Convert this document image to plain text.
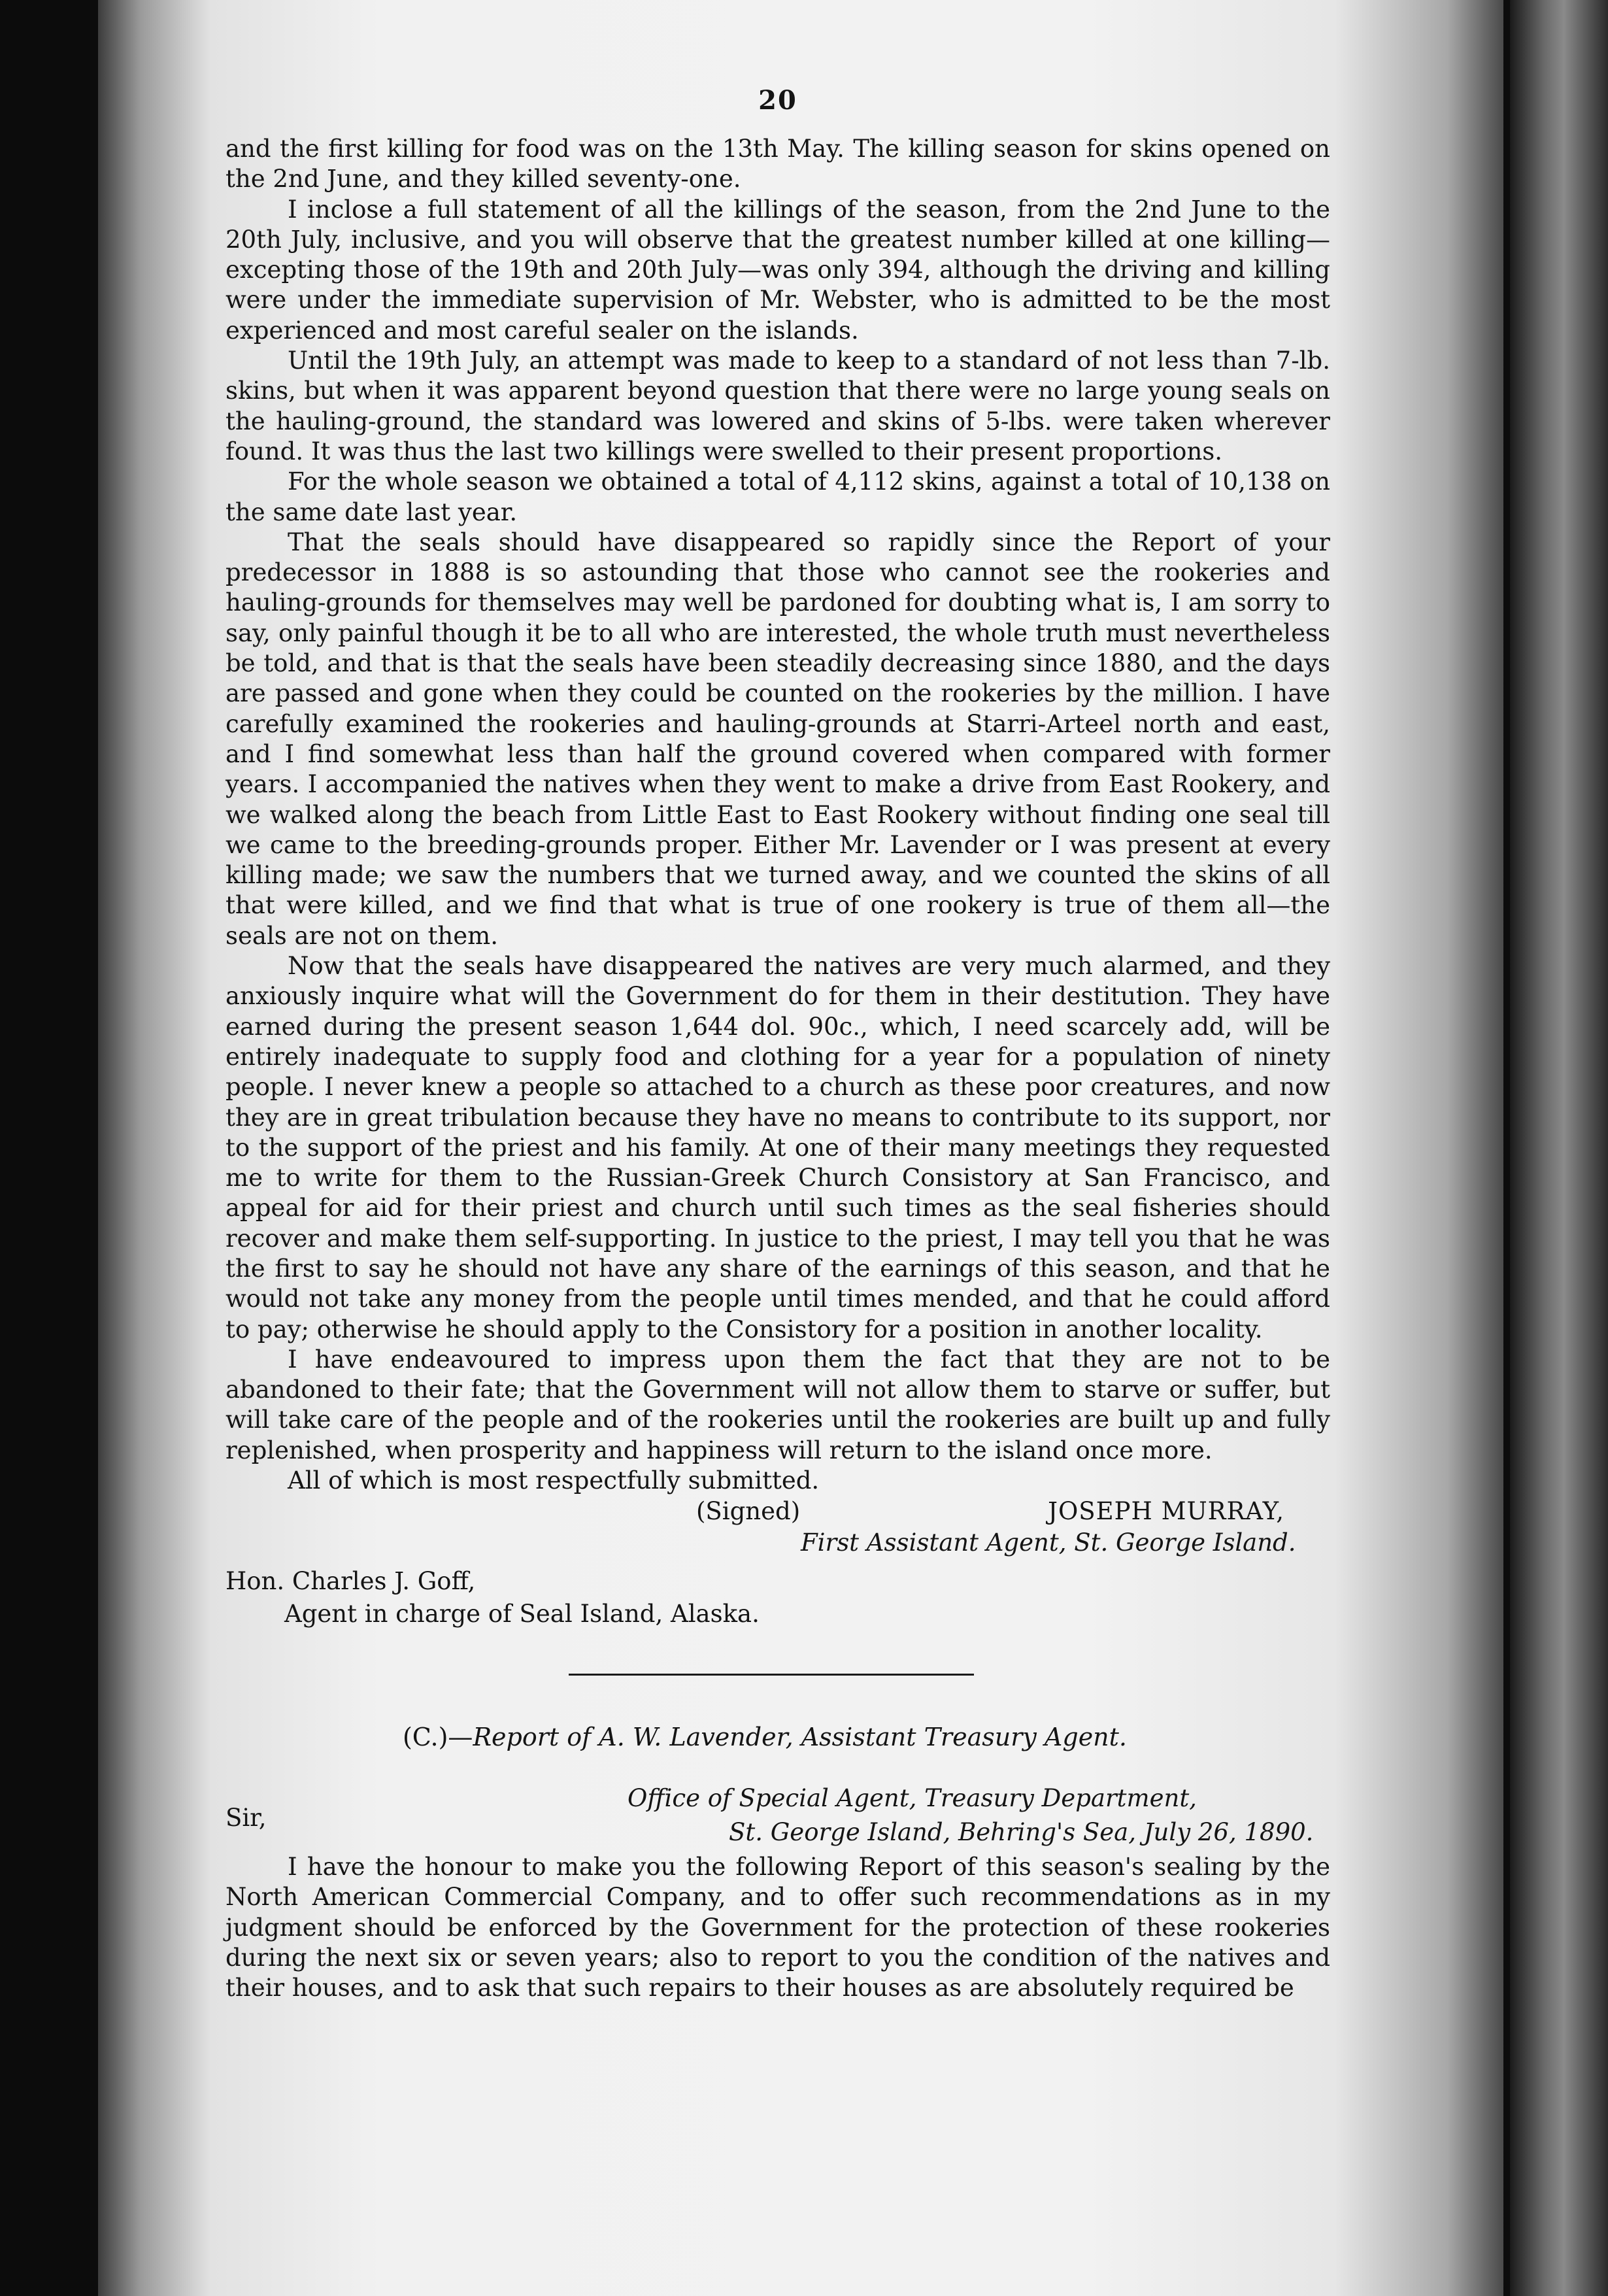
20

and the first killing for food was on the 13th May. The killing season for skins opened on the 2nd June, and they killed seventy-one.

I inclose a full statement of all the killings of the season, from the 2nd June to the 20th July, inclusive, and you will observe that the greatest number killed at one killing—excepting those of the 19th and 20th July—was only 394, although the driving and killing were under the immediate supervision of Mr. Webster, who is admitted to be the most experienced and most careful sealer on the islands.

Until the 19th July, an attempt was made to keep to a standard of not less than 7-lb. skins, but when it was apparent beyond question that there were no large young seals on the hauling-ground, the standard was lowered and skins of 5-lbs. were taken wherever found. It was thus the last two killings were swelled to their present proportions.

For the whole season we obtained a total of 4,112 skins, against a total of 10,138 on the same date last year.

That the seals should have disappeared so rapidly since the Report of your predecessor in 1888 is so astounding that those who cannot see the rookeries and hauling-grounds for themselves may well be pardoned for doubting what is, I am sorry to say, only painful though it be to all who are interested, the whole truth must nevertheless be told, and that is that the seals have been steadily decreasing since 1880, and the days are passed and gone when they could be counted on the rookeries by the million. I have carefully examined the rookeries and hauling-grounds at Starri-Arteel north and east, and I find somewhat less than half the ground covered when compared with former years. I accompanied the natives when they went to make a drive from East Rookery, and we walked along the beach from Little East to East Rookery without finding one seal till we came to the breeding-grounds proper. Either Mr. Lavender or I was present at every killing made; we saw the numbers that we turned away, and we counted the skins of all that were killed, and we find that what is true of one rookery is true of them all—the seals are not on them.

Now that the seals have disappeared the natives are very much alarmed, and they anxiously inquire what will the Government do for them in their destitution. They have earned during the present season 1,644 dol. 90c., which, I need scarcely add, will be entirely inadequate to supply food and clothing for a year for a population of ninety people. I never knew a people so attached to a church as these poor creatures, and now they are in great tribulation because they have no means to contribute to its support, nor to the support of the priest and his family. At one of their many meetings they requested me to write for them to the Russian-Greek Church Consistory at San Francisco, and appeal for aid for their priest and church until such times as the seal fisheries should recover and make them self-supporting. In justice to the priest, I may tell you that he was the first to say he should not have any share of the earnings of this season, and that he would not take any money from the people until times mended, and that he could afford to pay; otherwise he should apply to the Consistory for a position in another locality.

I have endeavoured to impress upon them the fact that they are not to be abandoned to their fate; that the Government will not allow them to starve or suffer, but will take care of the people and of the rookeries until the rookeries are built up and fully replenished, when prosperity and happiness will return to the island once more.

All of which is most respectfully submitted.

(Signed)	JOSEPH MURRAY,
First Assistant Agent, St. George Island.
Hon. Charles J. Goff,
Agent in charge of Seal Island, Alaska.
(C.)—Report of A. W. Lavender, Assistant Treasury Agent.
Office of Special Agent, Treasury Department,
Sir,
St. George Island, Behring's Sea, July 26, 1890.

I have the honour to make you the following Report of this season's sealing by the North American Commercial Company, and to offer such recommendations as in my judgment should be enforced by the Government for the protection of these rookeries during the next six or seven years; also to report to you the condition of the natives and their houses, and to ask that such repairs to their houses as are absolutely required be
